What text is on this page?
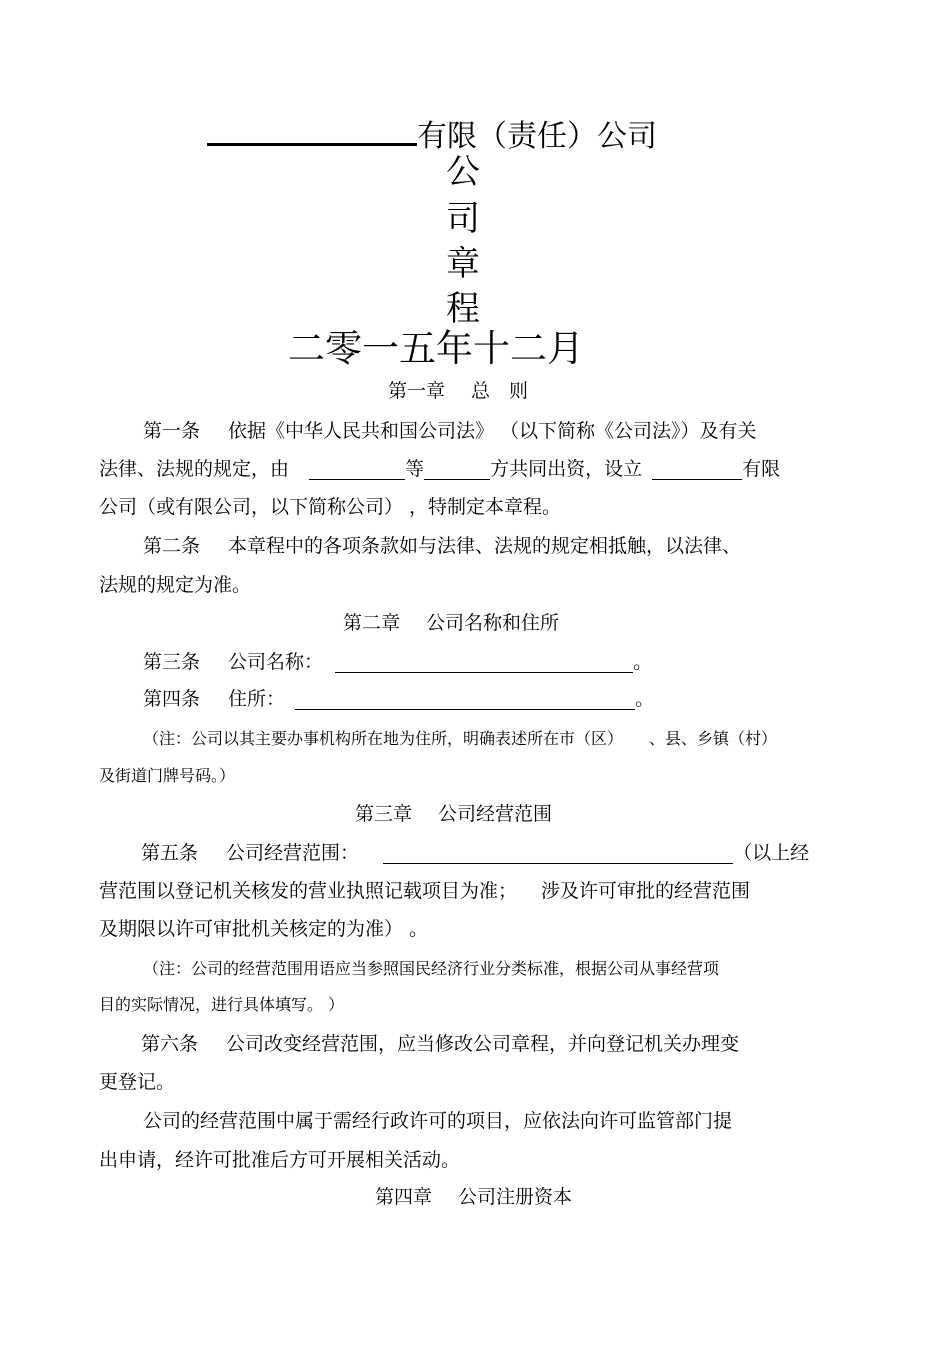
有限（责任）公司
公
司
章
程
二零一五年十二月
第一章 总　则
第一条 依据《中华人民共和国公司法》 （以下简称《公司法》）及有关
法律、法规的规定，由	等	方共同出资，设立	有限
公司（或有限公司，以下简称公司） ，特制定本章程。
第二条 本章程中的各项条款如与法律、法规的规定相抵触，以法律、
法规的规定为准。
第二章 公司名称和住所
第三条 公司名称：	。
第四条 住所：	。
（注：公司以其主要办事机构所在地为住所，明确表述所在市（区） 、县、乡镇（村）
及街道门牌号码。）
第三章 公司经营范围
第五条 公司经营范围：	（以上经
营范围以登记机关核发的营业执照记载项目为准； 涉及许可审批的经营范围
及期限以许可审批机关核定的为准） 。
（注：公司的经营范围用语应当参照国民经济行业分类标准，根据公司从事经营项
目的实际情况，进行具体填写。 ）
第六条 公司改变经营范围，应当修改公司章程，并向登记机关办理变
更登记。
公司的经营范围中属于需经行政许可的项目，应依法向许可监管部门提
出申请，经许可批准后方可开展相关活动。
第四章 公司注册资本
